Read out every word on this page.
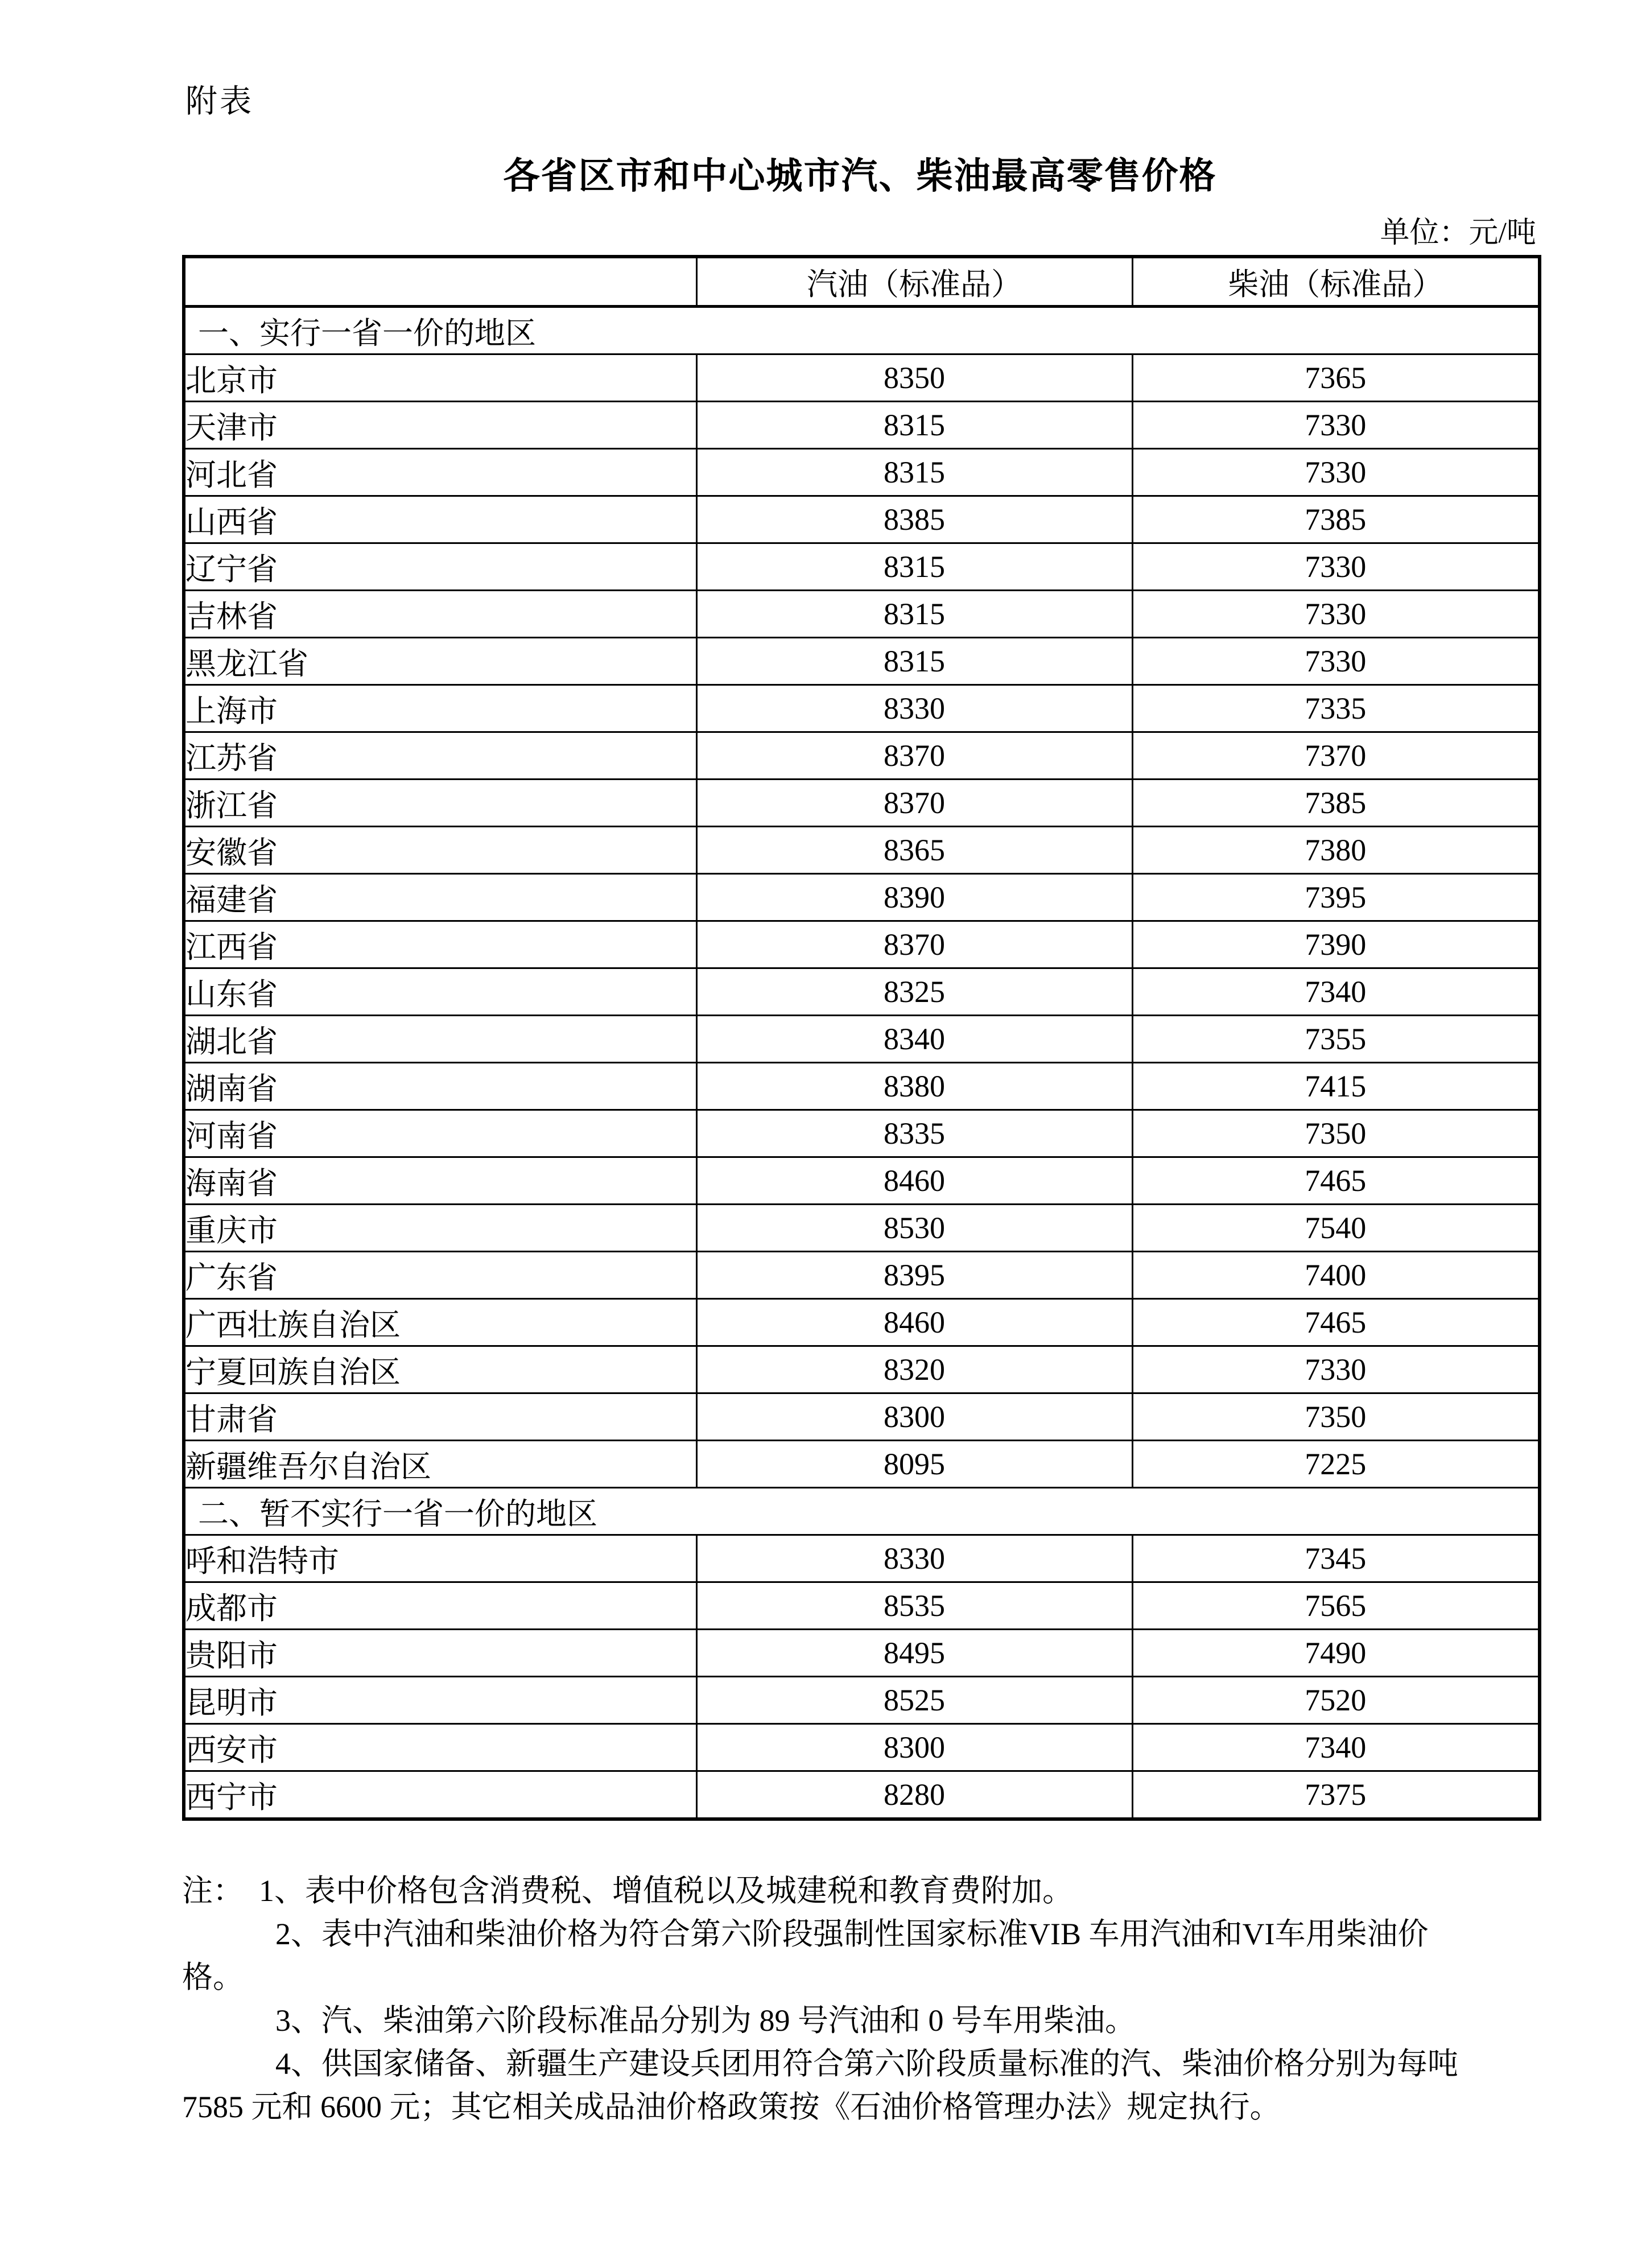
附表
各省区市和中心城市汽、柴油最高零售价格
单位：元/吨
	汽油（标准品）	柴油（标准品）
一、实行一省一价的地区		
北京市	8350	7365
天津市	8315	7330
河北省	8315	7330
山西省	8385	7385
辽宁省	8315	7330
吉林省	8315	7330
黑龙江省	8315	7330
上海市	8330	7335
江苏省	8370	7370
浙江省	8370	7385
安徽省	8365	7380
福建省	8390	7395
江西省	8370	7390
山东省	8325	7340
湖北省	8340	7355
湖南省	8380	7415
河南省	8335	7350
海南省	8460	7465
重庆市	8530	7540
广东省	8395	7400
广西壮族自治区	8460	7465
宁夏回族自治区	8320	7330
甘肃省	8300	7350
新疆维吾尔自治区	8095	7225
二、暂不实行一省一价的地区		
呼和浩特市	8330	7345
成都市	8535	7565
贵阳市	8495	7490
昆明市	8525	7520
西安市	8300	7340
西宁市	8280	7375

注：　1、表中价格包含消费税、增值税以及城建税和教育费附加。

2、表中汽油和柴油价格为符合第六阶段强制性国家标准VIB 车用汽油和VI车用柴油价

格。

3、汽、柴油第六阶段标准品分别为 89 号汽油和 0 号车用柴油。

4、供国家储备、新疆生产建设兵团用符合第六阶段质量标准的汽、柴油价格分别为每吨

7585 元和 6600 元；其它相关成品油价格政策按《石油价格管理办法》规定执行。
